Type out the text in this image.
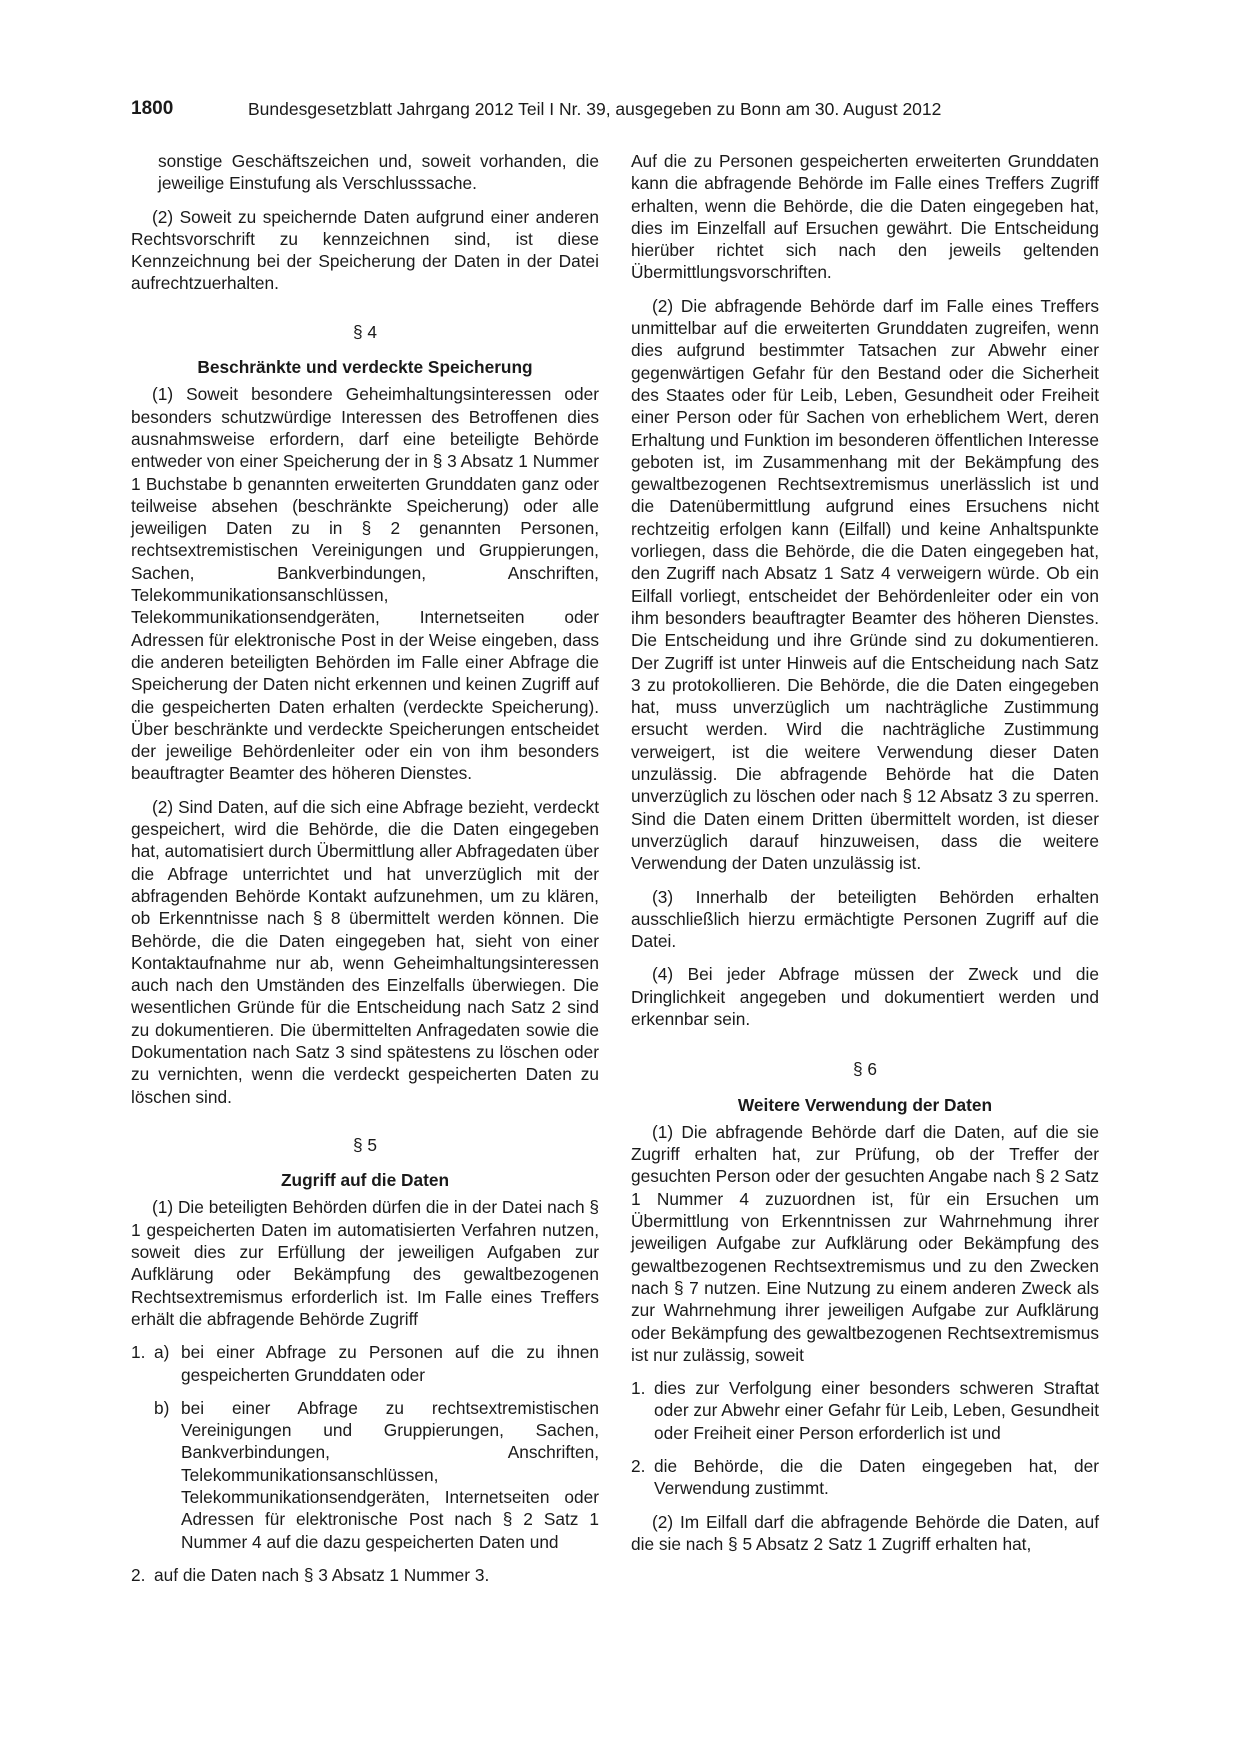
1800	Bundesgesetzblatt Jahrgang 2012 Teil I Nr. 39, ausgegeben zu Bonn am 30. August 2012

sonstige Geschäftszeichen und, soweit vorhanden, die jeweilige Einstufung als Verschlusssache.

(2) Soweit zu speichernde Daten aufgrund einer anderen Rechtsvorschrift zu kennzeichnen sind, ist diese Kennzeichnung bei der Speicherung der Daten in der Datei aufrechtzuerhalten.

§ 4
Beschränkte und verdeckte Speicherung

(1) Soweit besondere Geheimhaltungsinteressen oder besonders schutzwürdige Interessen des Betroffenen dies ausnahmsweise erfordern, darf eine beteiligte Behörde entweder von einer Speicherung der in § 3 Absatz 1 Nummer 1 Buchstabe b genannten erweiterten Grunddaten ganz oder teilweise absehen (beschränkte Speicherung) oder alle jeweiligen Daten zu in § 2 genannten Personen, rechtsextremistischen Vereinigungen und Gruppierungen, Sachen, Bankverbindungen, Anschriften, Telekommunikationsanschlüssen, Telekommunikationsendgeräten, Internetseiten oder Adressen für elektronische Post in der Weise eingeben, dass die anderen beteiligten Behörden im Falle einer Abfrage die Speicherung der Daten nicht erkennen und keinen Zugriff auf die gespeicherten Daten erhalten (verdeckte Speicherung). Über beschränkte und verdeckte Speicherungen entscheidet der jeweilige Behördenleiter oder ein von ihm besonders beauftragter Beamter des höheren Dienstes.

(2) Sind Daten, auf die sich eine Abfrage bezieht, verdeckt gespeichert, wird die Behörde, die die Daten eingegeben hat, automatisiert durch Übermittlung aller Abfragedaten über die Abfrage unterrichtet und hat unverzüglich mit der abfragenden Behörde Kontakt aufzunehmen, um zu klären, ob Erkenntnisse nach § 8 übermittelt werden können. Die Behörde, die die Daten eingegeben hat, sieht von einer Kontaktaufnahme nur ab, wenn Geheimhaltungsinteressen auch nach den Umständen des Einzelfalls überwiegen. Die wesentlichen Gründe für die Entscheidung nach Satz 2 sind zu dokumentieren. Die übermittelten Anfragedaten sowie die Dokumentation nach Satz 3 sind spätestens zu löschen oder zu vernichten, wenn die verdeckt gespeicherten Daten zu löschen sind.

§ 5
Zugriff auf die Daten

(1) Die beteiligten Behörden dürfen die in der Datei nach § 1 gespeicherten Daten im automatisierten Verfahren nutzen, soweit dies zur Erfüllung der jeweiligen Aufgaben zur Aufklärung oder Bekämpfung des gewaltbezogenen Rechtsextremismus erforderlich ist. Im Falle eines Treffers erhält die abfragende Behörde Zugriff

1. a) bei einer Abfrage zu Personen auf die zu ihnen gespeicherten Grunddaten oder
b) bei einer Abfrage zu rechtsextremistischen Vereinigungen und Gruppierungen, Sachen, Bankverbindungen, Anschriften, Telekommunikationsanschlüssen, Telekommunikationsendgeräten, Internetseiten oder Adressen für elektronische Post nach § 2 Satz 1 Nummer 4 auf die dazu gespeicherten Daten und
2. auf die Daten nach § 3 Absatz 1 Nummer 3.

Auf die zu Personen gespeicherten erweiterten Grunddaten kann die abfragende Behörde im Falle eines Treffers Zugriff erhalten, wenn die Behörde, die die Daten eingegeben hat, dies im Einzelfall auf Ersuchen gewährt. Die Entscheidung hierüber richtet sich nach den jeweils geltenden Übermittlungsvorschriften.

(2) Die abfragende Behörde darf im Falle eines Treffers unmittelbar auf die erweiterten Grunddaten zugreifen, wenn dies aufgrund bestimmter Tatsachen zur Abwehr einer gegenwärtigen Gefahr für den Bestand oder die Sicherheit des Staates oder für Leib, Leben, Gesundheit oder Freiheit einer Person oder für Sachen von erheblichem Wert, deren Erhaltung und Funktion im besonderen öffentlichen Interesse geboten ist, im Zusammenhang mit der Bekämpfung des gewaltbezogenen Rechtsextremismus unerlässlich ist und die Datenübermittlung aufgrund eines Ersuchens nicht rechtzeitig erfolgen kann (Eilfall) und keine Anhaltspunkte vorliegen, dass die Behörde, die die Daten eingegeben hat, den Zugriff nach Absatz 1 Satz 4 verweigern würde. Ob ein Eilfall vorliegt, entscheidet der Behördenleiter oder ein von ihm besonders beauftragter Beamter des höheren Dienstes. Die Entscheidung und ihre Gründe sind zu dokumentieren. Der Zugriff ist unter Hinweis auf die Entscheidung nach Satz 3 zu protokollieren. Die Behörde, die die Daten eingegeben hat, muss unverzüglich um nachträgliche Zustimmung ersucht werden. Wird die nachträgliche Zustimmung verweigert, ist die weitere Verwendung dieser Daten unzulässig. Die abfragende Behörde hat die Daten unverzüglich zu löschen oder nach § 12 Absatz 3 zu sperren. Sind die Daten einem Dritten übermittelt worden, ist dieser unverzüglich darauf hinzuweisen, dass die weitere Verwendung der Daten unzulässig ist.

(3) Innerhalb der beteiligten Behörden erhalten ausschließlich hierzu ermächtigte Personen Zugriff auf die Datei.

(4) Bei jeder Abfrage müssen der Zweck und die Dringlichkeit angegeben und dokumentiert werden und erkennbar sein.

§ 6
Weitere Verwendung der Daten

(1) Die abfragende Behörde darf die Daten, auf die sie Zugriff erhalten hat, zur Prüfung, ob der Treffer der gesuchten Person oder der gesuchten Angabe nach § 2 Satz 1 Nummer 4 zuzuordnen ist, für ein Ersuchen um Übermittlung von Erkenntnissen zur Wahrnehmung ihrer jeweiligen Aufgabe zur Aufklärung oder Bekämpfung des gewaltbezogenen Rechtsextremismus und zu den Zwecken nach § 7 nutzen. Eine Nutzung zu einem anderen Zweck als zur Wahrnehmung ihrer jeweiligen Aufgabe zur Aufklärung oder Bekämpfung des gewaltbezogenen Rechtsextremismus ist nur zulässig, soweit

1. dies zur Verfolgung einer besonders schweren Straftat oder zur Abwehr einer Gefahr für Leib, Leben, Gesundheit oder Freiheit einer Person erforderlich ist und
2. die Behörde, die die Daten eingegeben hat, der Verwendung zustimmt.

(2) Im Eilfall darf die abfragende Behörde die Daten, auf die sie nach § 5 Absatz 2 Satz 1 Zugriff erhalten hat,
